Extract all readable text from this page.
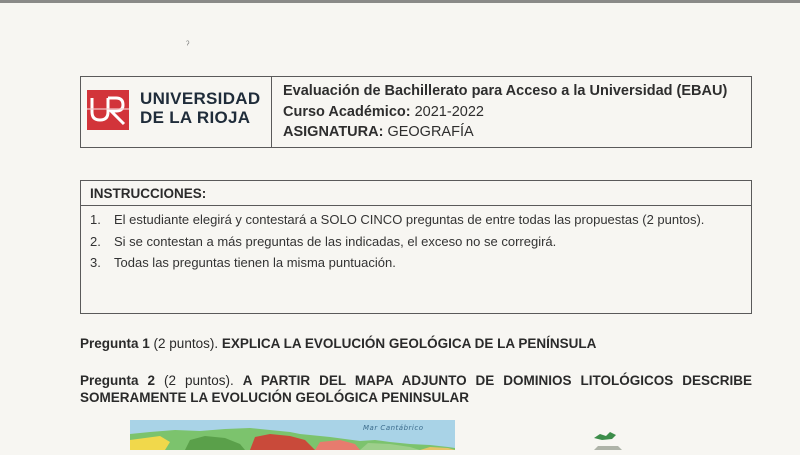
ˀ
UNIVERSIDAD
DE LA RIOJA
Evaluación de Bachillerato para Acceso a la Universidad (EBAU)
Curso Académico: 2021-2022
ASIGNATURA: GEOGRAFÍA
INSTRUCCIONES:
1. El estudiante elegirá y contestará a SOLO CINCO preguntas de entre todas las propuestas (2 puntos).
2. Si se contestan a más preguntas de las indicadas, el exceso no se corregirá.
3. Todas las preguntas tienen la misma puntuación.
Pregunta 1 (2 puntos). EXPLICA LA EVOLUCIÓN GEOLÓGICA DE LA PENÍNSULA
Pregunta 2 (2 puntos). A PARTIR DEL MAPA ADJUNTO DE DOMINIOS LITOLÓGICOS DESCRIBE SOMERAMENTE LA EVOLUCIÓN GEOLÓGICA PENINSULAR
Mar Cantábrico
